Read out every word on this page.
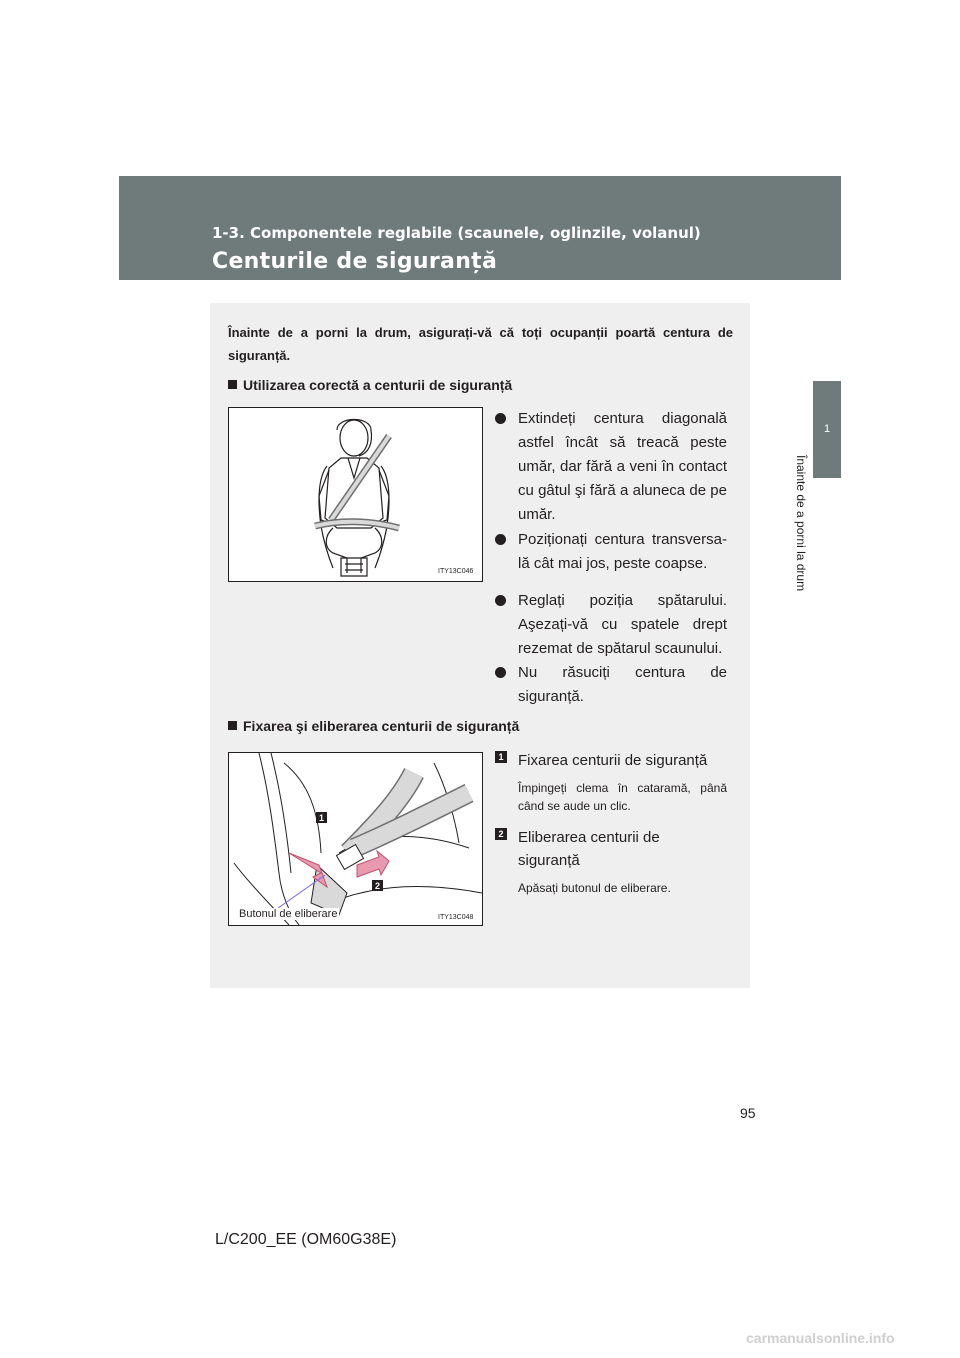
1-3. Componentele reglabile (scaunele, oglinzile, volanul)
Centurile de siguranță
1
Înainte de a porni la drum
Înainte de a porni la drum, asigurați-vă că toți ocupanții poartă centura de siguranță.
Utilizarea corectă a centurii de siguranță
ITY13C046
Extindeți centura diagonală astfel încât să treacă peste umăr, dar fără a veni în contact cu gâtul şi fără a aluneca de pe umăr.
Poziționați centura transversa-lă cât mai jos, peste coapse.
Reglați poziția spătarului. Aşezați-vă cu spatele drept rezemat de spătarul scaunului.
Nu răsuciți centura de siguranță.
Fixarea şi eliberarea centurii de siguranță
1
2
Butonul de eliberare	ITY13C048
1 Fixarea centurii de siguranță
Împingeți clema în cataramă, până când se aude un clic.
2 Eliberarea centurii de siguranță
Apăsați butonul de eliberare.
95
L/C200_EE (OM60G38E)
carmanualsonline.info
